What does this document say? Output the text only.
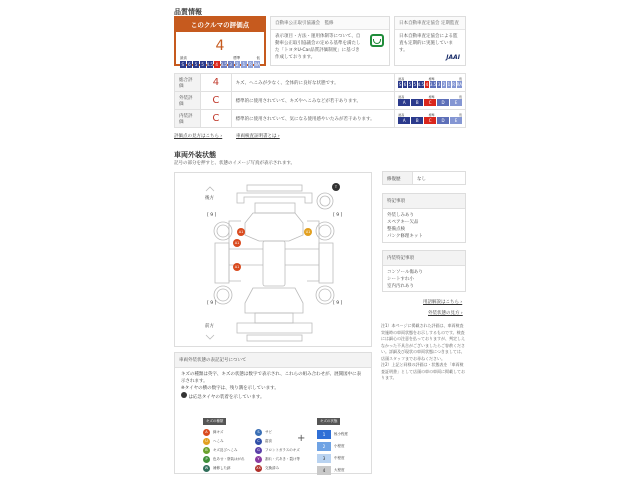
品質情報
このクルマの評価点
4
最高	標準	低
S	6	5	5 4.5 4 3.5 3	2	1 R RA
自動車公正取引協議会　監修
表示項目・方法・運用体制等について、自動車公正取引協議会の定める基準を満たした「トヨタU-Car品質評価制度」に基づき作成しております。
日本自動車査定協会 定期監査
日本自動車査定協会による監査も定期的に実施しています。
JAAI
総合評価	4	キズ、へこみが少なく、全体的に良好な状態です。	
最高	標準	低
S 6 5 5 4.5 4 3.5 3 2 1 R RA

外装評価	C	標準的に使用されていて、キズやへこみなどが若干あります。	
最高	標準	低
A	B	C	D	E

内装評価	C	標準的に使用されていて、気になる使用感やいたみが若干あります。	
最高	標準	低
A	B	C	D	E
評価点の見方はこちら ›	車両検査証明書とは ›
車両外装状態
記号の部分を押すと、状態のイメージ写真が表示されます。
後方
前方
[ 9 ]	[ 9 ]
[ 9 ]	[ 9 ]
A1
A1
A1
U1
T
修復歴	なし
特記事項
外装しみあり
スペアキー欠品
整備点検
パンク修理キット
内装特記事項
コンソール傷あり
シートすれ小
室内汚れあり
用語解説はこちら ›
外装状態の見方 ›

注1）本ページに掲載された評価は、車両検査実施時の車両状態をお示しするものです。検査には細心の注意を払っておりますが、判定しえなかった不具合がございましたらご容赦ください。詳細及び現状の車両状態につきましては、店頭スタッフまでお尋ねください。

注2）上記と同様の評価は・状態表を「車両検査証明書」として店頭の車の車両に掲載しております。

車両外装状態の表記記号について
キズの種類は英字、キズの状態は数字で表示され、これらの組み合わせが、展開図中に表示されます。
※タイヤの横の数字は、残り溝を示しています。
は応急タイヤの装着を示しています。
キズの種類
A	線キズ	S	サビ
U	へこみ	C	腐食
B	キズ及びへこみ	G	フロントガラスのキズ
P	色あせ・塗装はがれ	Y	割れ・穴あき・裂け等
W	補修した跡	XX	交換済み
+
キズの状態
1	極小程度
2	小程度
3	中程度
4	大程度
